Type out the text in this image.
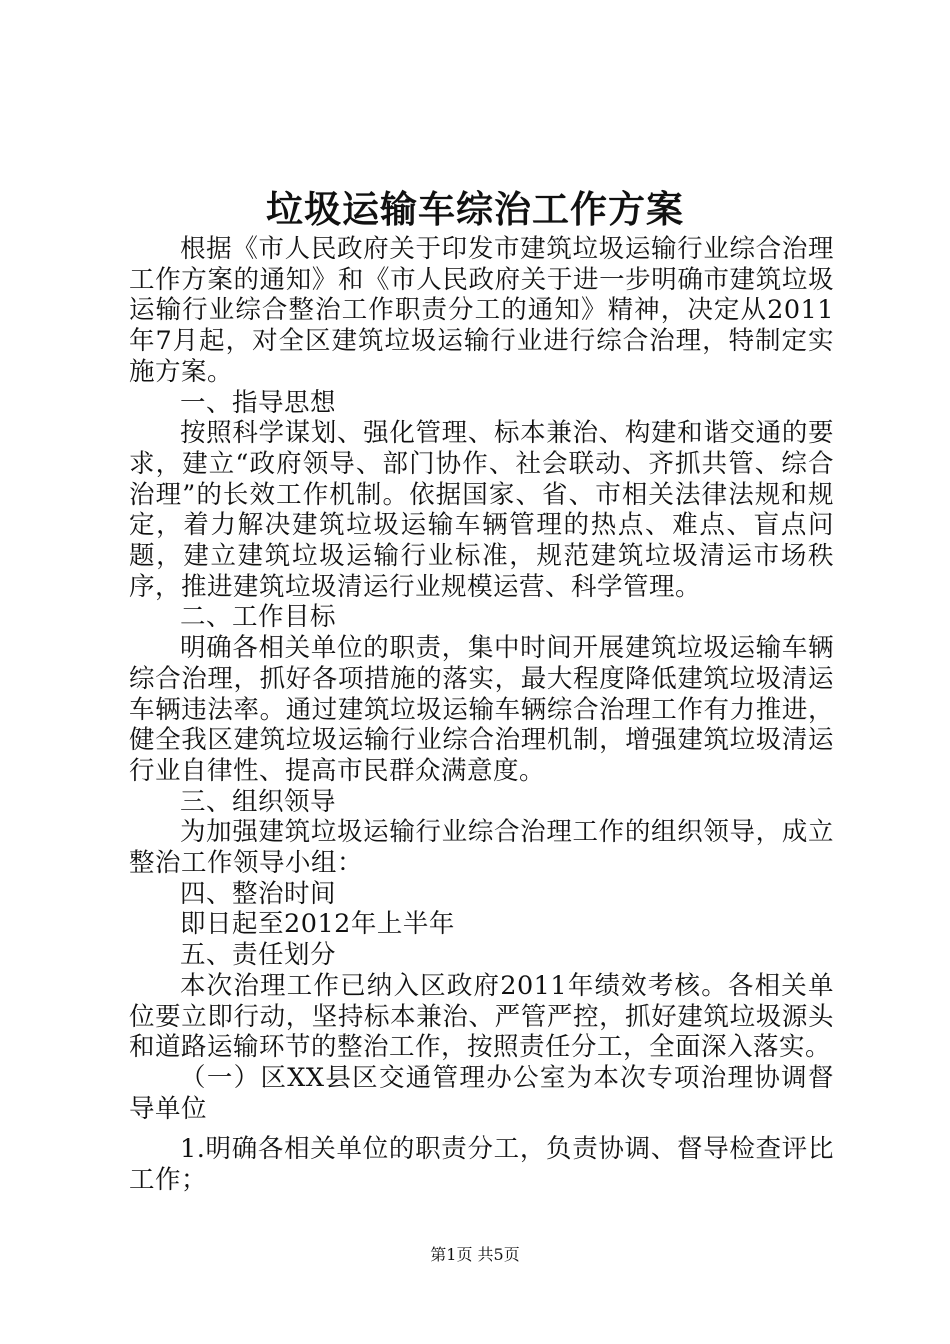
垃圾运输车综治工作方案

根据《市人民政府关于印发市建筑垃圾运输行业综合治理工作方案的通知》和《市人民政府关于进一步明确市建筑垃圾运输行业综合整治工作职责分工的通知》精神，决定从2011年7月起，对全区建筑垃圾运输行业进行综合治理，特制定实施方案。

一、指导思想

按照科学谋划、强化管理、标本兼治、构建和谐交通的要求，建立“政府领导、部门协作、社会联动、齐抓共管、综合治理”的长效工作机制。依据国家、省、市相关法律法规和规定，着力解决建筑垃圾运输车辆管理的热点、难点、盲点问题，建立建筑垃圾运输行业标准，规范建筑垃圾清运市场秩序，推进建筑垃圾清运行业规模运营、科学管理。

二、工作目标

明确各相关单位的职责，集中时间开展建筑垃圾运输车辆综合治理，抓好各项措施的落实，最大程度降低建筑垃圾清运车辆违法率。通过建筑垃圾运输车辆综合治理工作有力推进，健全我区建筑垃圾运输行业综合治理机制，增强建筑垃圾清运行业自律性、提高市民群众满意度。

三、组织领导

为加强建筑垃圾运输行业综合治理工作的组织领导，成立整治工作领导小组：

四、整治时间

即日起至2012年上半年

五、责任划分

本次治理工作已纳入区政府2011年绩效考核。各相关单位要立即行动，坚持标本兼治、严管严控，抓好建筑垃圾源头和道路运输环节的整治工作，按照责任分工，全面深入落实。

（一）区XX县区交通管理办公室为本次专项治理协调督导单位

1.明确各相关单位的职责分工，负责协调、督导检查评比工作；

第1页 共5页
